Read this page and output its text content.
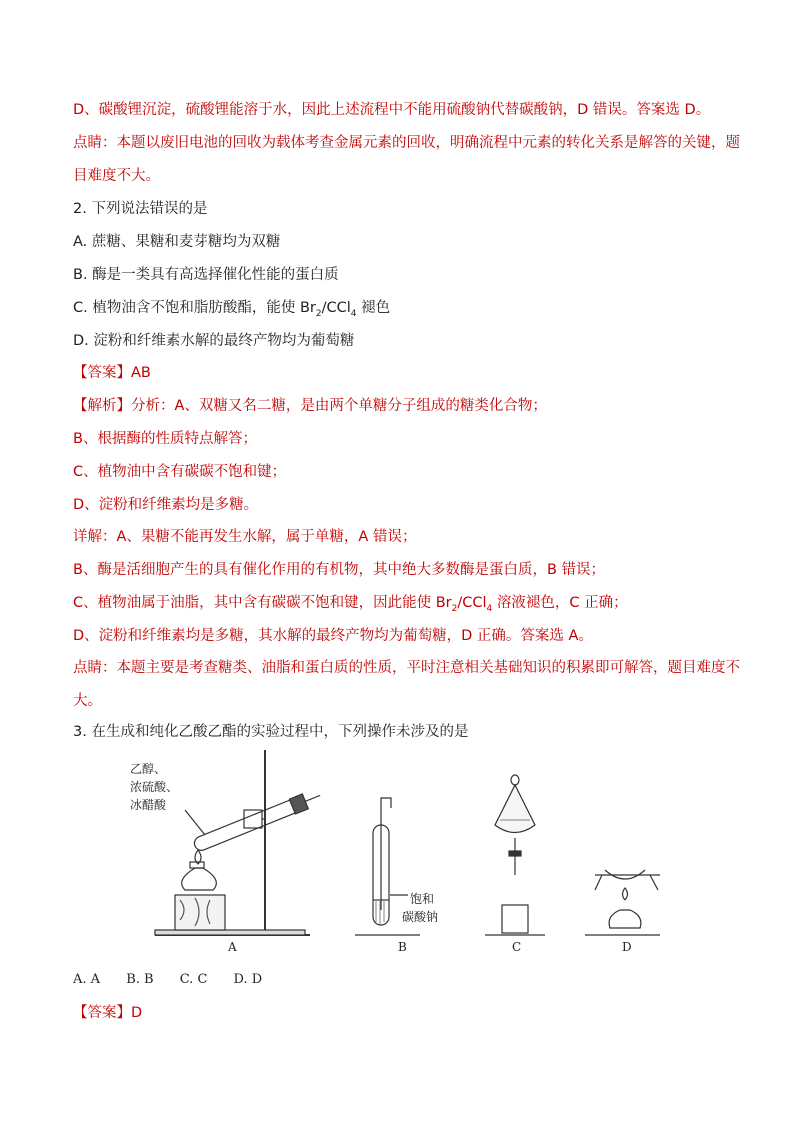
D、碳酸锂沉淀，硫酸锂能溶于水，因此上述流程中不能用硫酸钠代替碳酸钠，D 错误。答案选 D。
点睛：本题以废旧电池的回收为载体考查金属元素的回收，明确流程中元素的转化关系是解答的关键，题
目难度不大。
2. 下列说法错误的是
A. 蔗糖、果糖和麦芽糖均为双糖
B. 酶是一类具有高选择催化性能的蛋白质
C. 植物油含不饱和脂肪酸酯，能使 $Br_2/CCl_4$ 褪色
D. 淀粉和纤维素水解的最终产物均为葡萄糖
【答案】AB
【解析】分析：A、双糖又名二糖，是由两个单糖分子组成的糖类化合物；
B、根据酶的性质特点解答；
C、植物油中含有碳碳不饱和键；
D、淀粉和纤维素均是多糖。
详解：A、果糖不能再发生水解，属于单糖，A 错误；
B、酶是活细胞产生的具有催化作用的有机物，其中绝大多数酶是蛋白质，B 错误；
C、植物油属于油脂，其中含有碳碳不饱和键，因此能使 $Br_2/CCl_4$ 溶液褪色，C 正确；
D、淀粉和纤维素均是多糖，其水解的最终产物均为葡萄糖，D 正确。答案选 A。
点睛：本题主要是考查糖类、油脂和蛋白质的性质，平时注意相关基础知识的积累即可解答，题目难度不
大。
3. 在生成和纯化乙酸乙酯的实验过程中，下列操作未涉及的是
乙醇、
浓硫酸、
冰醋酸
饱和
碳酸钠
A	B	C	D
A. A B. B C. C D. D
【答案】D
